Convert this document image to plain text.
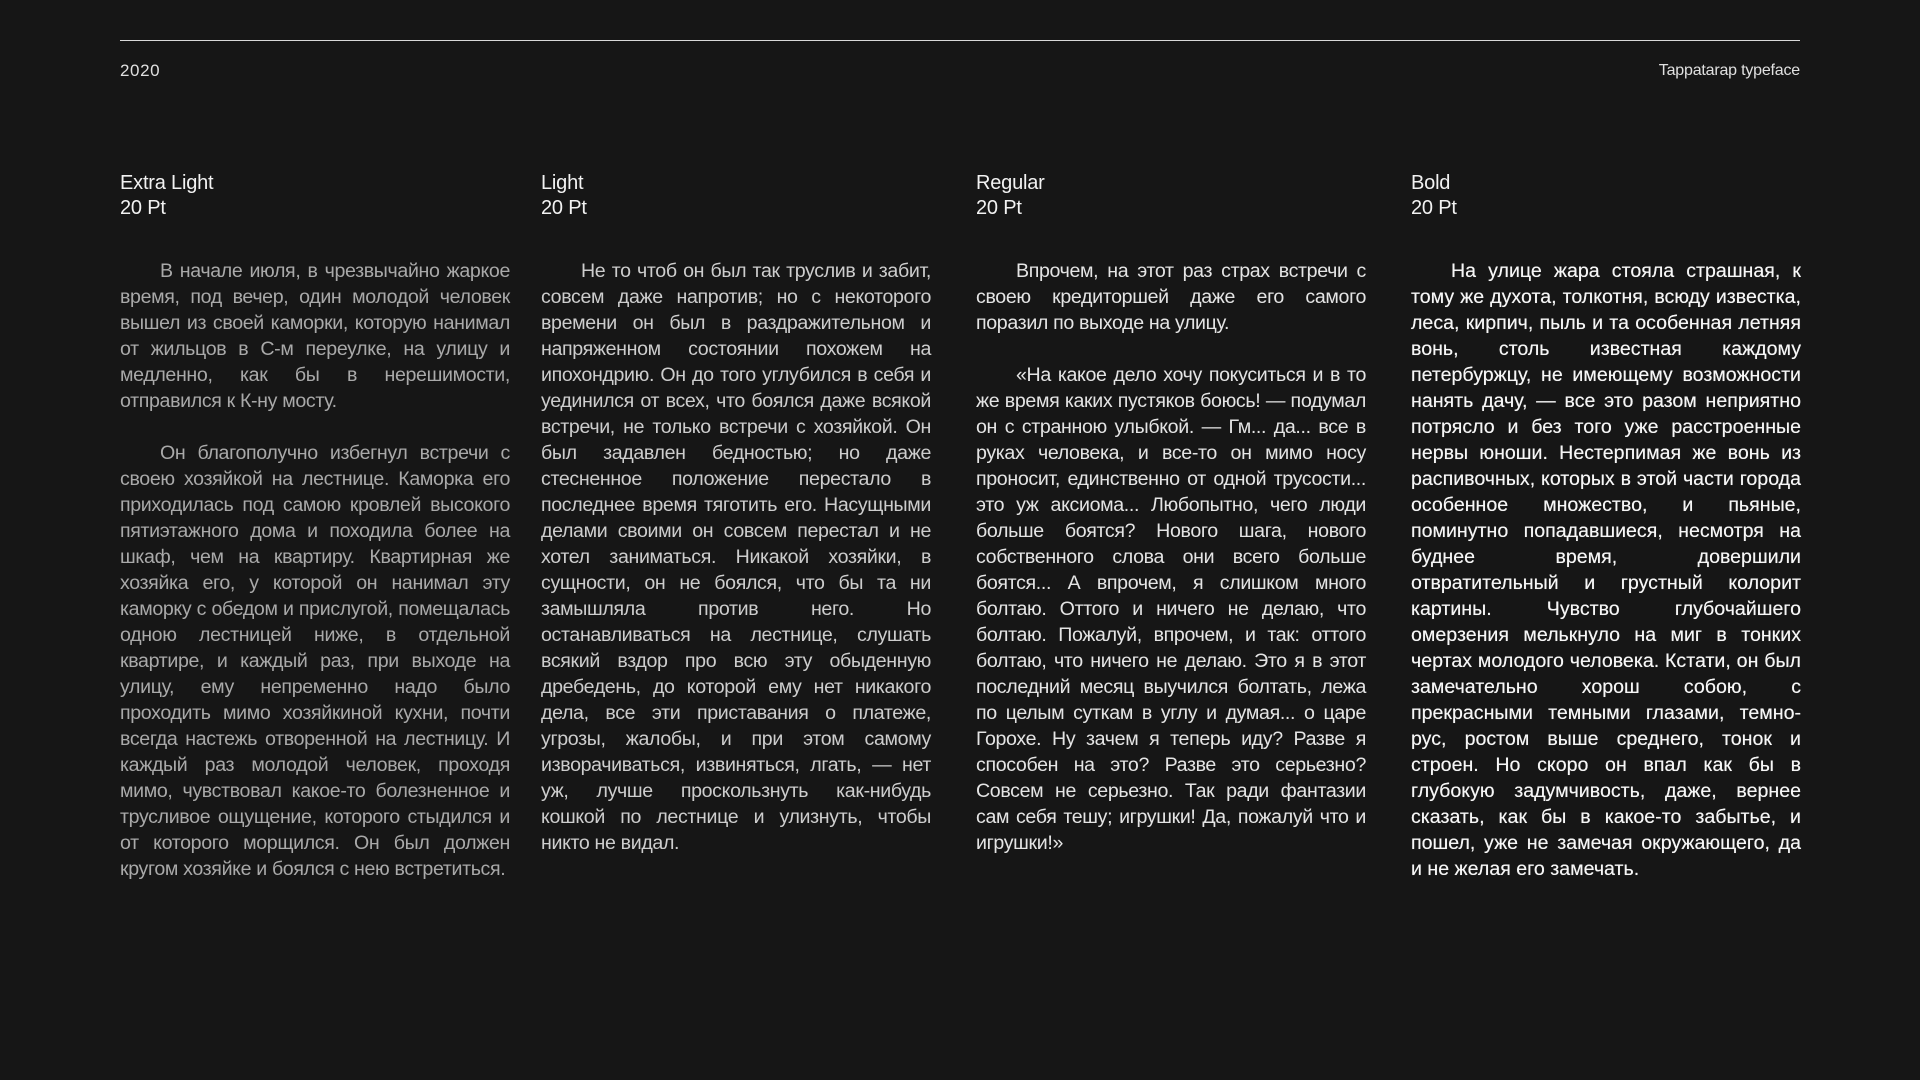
2020	Tappatarap typeface
Extra Light
20 Pt

В начале июля, в чрезвычайно жаркое время, под вечер, один молодой человек вышел из своей каморки, которую нанимал от жильцов в С-м переулке, на улицу и медленно, как бы в нерешимости, отправился к К-ну мосту.

Он благополучно избегнул встречи с своею хозяйкой на лестнице. Каморка его приходилась под самою кровлей высокого пятиэтажного дома и походила более на шкаф, чем на квартиру. Квартирная же хозяйка его, у которой он нанимал эту каморку с обедом и прислугой, помещалась одною лестницей ниже, в отдельной квартире, и каждый раз, при выходе на улицу, ему непременно надо было проходить мимо хозяйкиной кухни, почти всегда настежь отворенной на лестницу. И каждый раз молодой человек, проходя мимо, чувствовал какое-то болезненное и трусливое ощущение, которого стыдился и от которого морщился. Он был должен кругом хозяйке и боялся с нею встретиться.

Light
20 Pt

Не то чтоб он был так труслив и забит, совсем даже напротив; но с некоторого времени он был в раздражительном и напряженном состоянии похожем на ипохондрию. Он до того углубился в себя и уединился от всех, что боялся даже всякой встречи, не только встречи с хозяйкой. Он был задавлен бедностью; но даже стесненное положение перестало в последнее время тяготить его. Насущными делами своими он совсем перестал и не хотел заниматься. Никакой хозяйки, в сущности, он не боялся, что бы та ни замышляла против него. Но останавливаться на лестнице, слушать всякий вздор про всю эту обыденную дребедень, до которой ему нет никакого дела, все эти приставания о платеже, угрозы, жалобы, и при этом самому изворачиваться, извиняться, лгать, — нет уж, лучше проскользнуть как-нибудь кошкой по лестнице и улизнуть, чтобы никто не видал.

Regular
20 Pt

Впрочем, на этот раз страх встречи с своею кредиторшей даже его самого поразил по выходе на улицу.

«На какое дело хочу покуситься и в то же время каких пустяков боюсь! — подумал он с странною улыбкой. — Гм... да... все в руках человека, и все-то он мимо носу проносит, единственно от одной трусости... это уж аксиома... Любопытно, чего люди больше боятся? Нового шага, нового собственного слова они всего больше боятся... А впрочем, я слишком много болтаю. Оттого и ничего не делаю, что болтаю. Пожалуй, впрочем, и так: оттого болтаю, что ничего не делаю. Это я в этот последний месяц выучился болтать, лежа по целым суткам в углу и думая... о царе Горохе. Ну зачем я теперь иду? Разве я способен на это? Разве это серьезно? Совсем не серьезно. Так ради фантазии сам себя тешу; игрушки! Да, пожалуй что и игрушки!»

Bold
20 Pt

На улице жара стояла страшная, к тому же духота, толкотня, всюду известка, леса, кирпич, пыль и та особенная летняя вонь, столь известная каждому петербуржцу, не имеющему возможности нанять дачу, — все это разом неприятно потрясло и без того уже расстроенные нервы юноши. Нестерпимая же вонь из распивочных, которых в этой части города особенное множество, и пьяные, поминутно попадавшиеся, несмотря на буднее время, довершили отвратительный и грустный колорит картины. Чувство глубочайшего омерзения мелькнуло на миг в тонких чертах молодого человека. Кстати, он был замечательно хорош собою, с прекрасными темными глазами, темно-рус, ростом выше среднего, тонок и строен. Но скоро он впал как бы в глубокую задумчивость, даже, вернее сказать, как бы в какое-то забытье, и пошел, уже не замечая окружающего, да и не желая его замечать.
